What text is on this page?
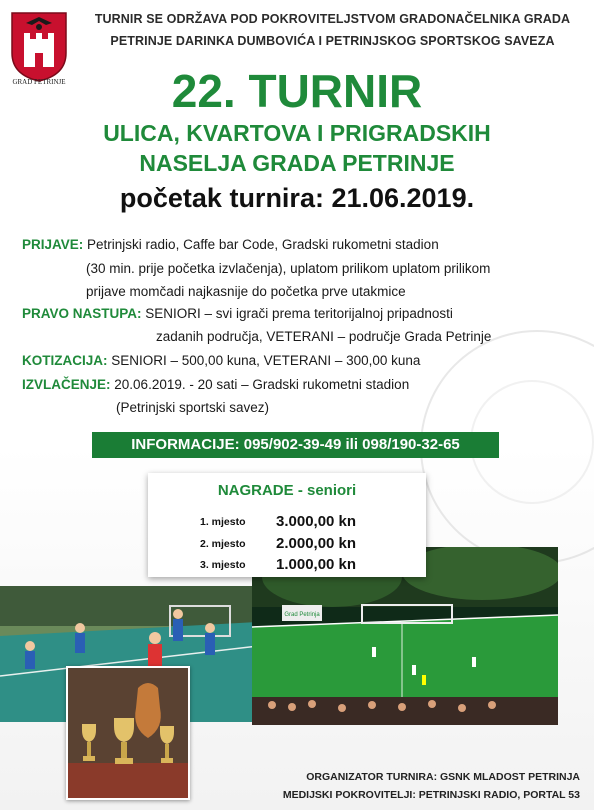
GRAD PETRINJE
TURNIR SE ODRŽAVA POD POKROVITELJSTVOM GRADONAČELNIKA GRADA
PETRINJE DARINKA DUMBOVIĆA I PETRINJSKOG SPORTSKOG SAVEZA
22. TURNIR
ULICA, KVARTOVA I PRIGRADSKIH
NASELJA GRADA PETRINJE
početak turnira: 21.06.2019.
PRIJAVE: Petrinjski radio, Caffe bar Code, Gradski rukometni stadion
(30 min. prije početka izvlačenja), uplatom prilikom uplatom prilikom
prijave momčadi najkasnije do početka prve utakmice
PRAVO NASTUPA: SENIORI – svi igrači prema teritorijalnoj pripadnosti
zadanih područja, VETERANI – područje Grada Petrinje
KOTIZACIJA: SENIORI – 500,00 kuna, VETERANI – 300,00 kuna
IZVLAČENJE: 20.06.2019. - 20 sati – Gradski rukometni stadion
(Petrinjski sportski savez)
INFORMACIJE: 095/902-39-49 ili 098/190-32-65
Grad Petrinja
NAGRADE - seniori
1. mjesto 3.000,00 kn
2. mjesto 2.000,00 kn
3. mjesto 1.000,00 kn
ORGANIZATOR TURNIRA: GSNK MLADOST PETRINJA
MEDIJSKI POKROVITELJI: PETRINJSKI RADIO, PORTAL 53
